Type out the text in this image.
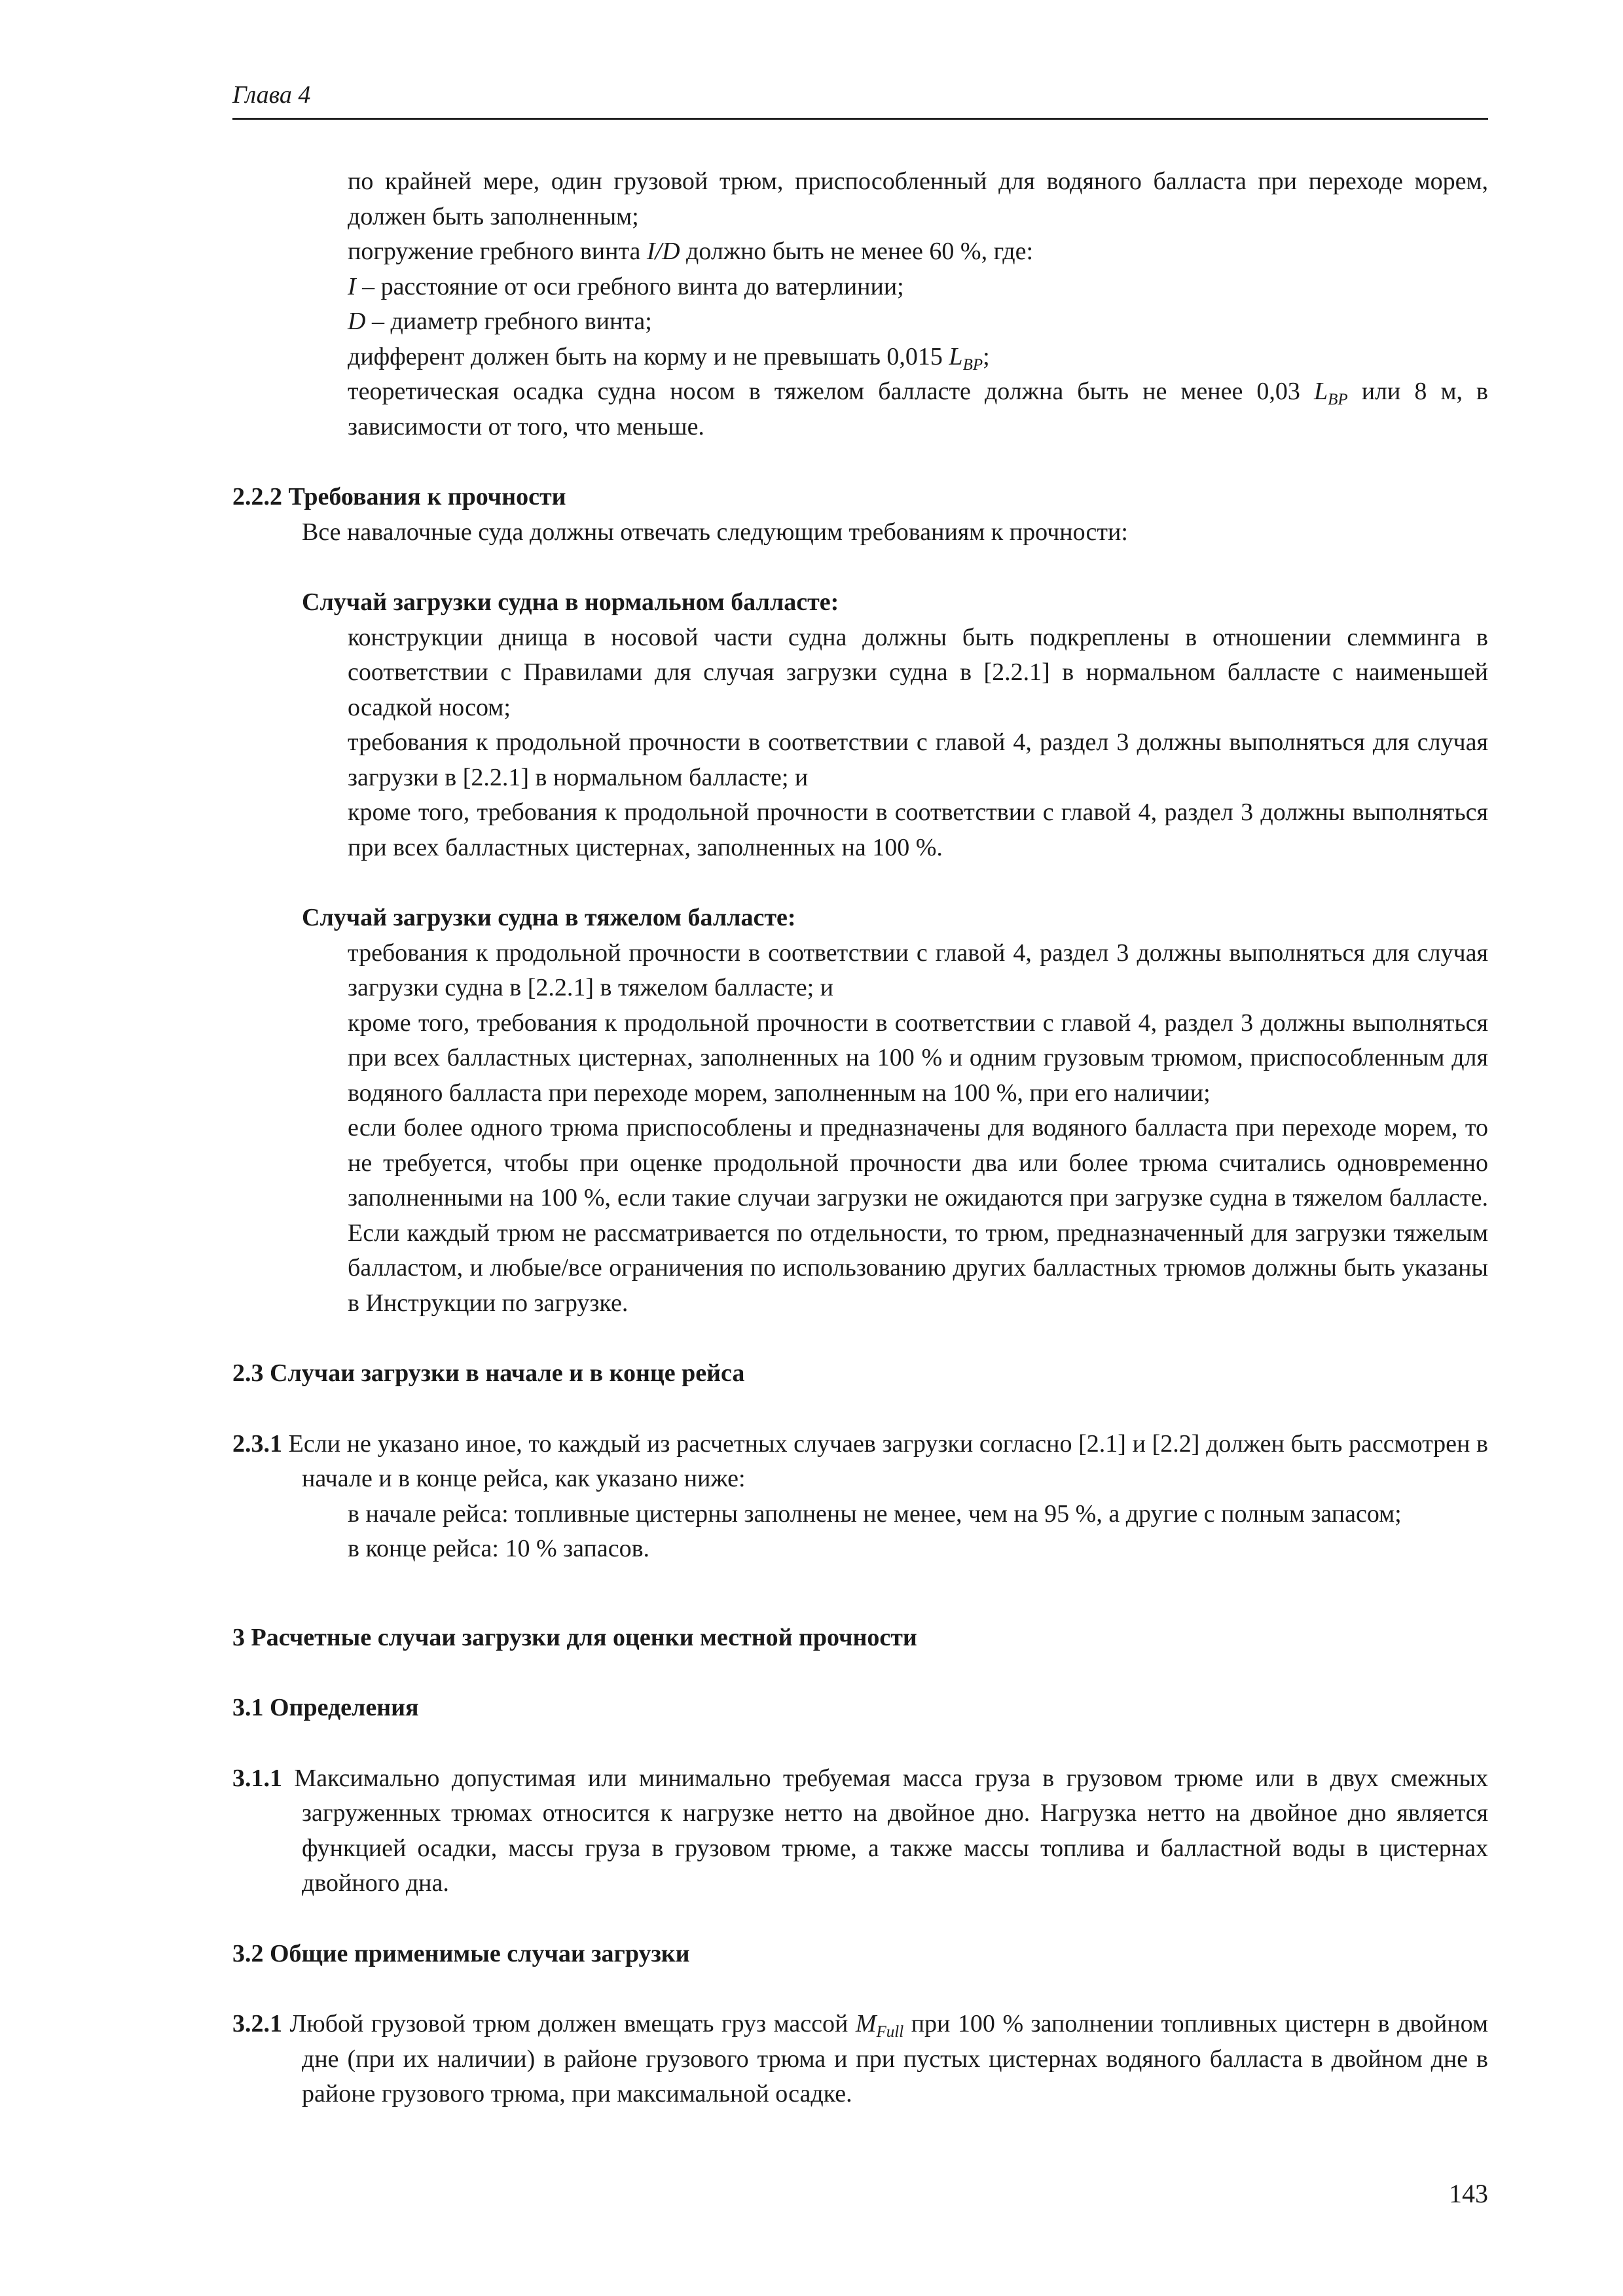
Глава 4

по крайней мере, один грузовой трюм, приспособленный для водяного балласта при переходе морем, должен быть заполненным;

погружение гребного винта I/D должно быть не менее 60 %, где:

I – расстояние от оси гребного винта до ватерлинии;

D – диаметр гребного винта;

дифферент должен быть на корму и не превышать 0,015 $L_{BP}$;

теоретическая осадка судна носом в тяжелом балласте должна быть не менее 0,03 $L_{BP}$ или 8 м, в зависимости от того, что меньше.

2.2.2 Требования к прочности

Все навалочные суда должны отвечать следующим требованиям к прочности:

Случай загрузки судна в нормальном балласте:

конструкции днища в носовой части судна должны быть подкреплены в отношении слемминга в соответствии с Правилами для случая загрузки судна в [2.2.1] в нормальном балласте с наименьшей осадкой носом;

требования к продольной прочности в соответствии с главой 4, раздел 3 должны выполняться для случая загрузки в [2.2.1] в нормальном балласте; и

кроме того, требования к продольной прочности в соответствии с главой 4, раздел 3 должны выполняться при всех балластных цистернах, заполненных на 100 %.

Случай загрузки судна в тяжелом балласте:

требования к продольной прочности в соответствии с главой 4, раздел 3 должны выполняться для случая загрузки судна в [2.2.1] в тяжелом балласте; и

кроме того, требования к продольной прочности в соответствии с главой 4, раздел 3 должны выполняться при всех балластных цистернах, заполненных на 100 % и одним грузовым трюмом, приспособленным для водяного балласта при переходе морем, заполненным на 100 %, при его наличии;

если более одного трюма приспособлены и предназначены для водяного балласта при переходе морем, то не требуется, чтобы при оценке продольной прочности два или более трюма считались одновременно заполненными на 100 %, если такие случаи загрузки не ожидаются при загрузке судна в тяжелом балласте. Если каждый трюм не рассматривается по отдельности, то трюм, предназначенный для загрузки тяжелым балластом, и любые/все ограничения по использованию других балластных трюмов должны быть указаны в Инструкции по загрузке.

2.3 Случаи загрузки в начале и в конце рейса

2.3.1 Если не указано иное, то каждый из расчетных случаев загрузки согласно [2.1] и [2.2] должен быть рассмотрен в начале и в конце рейса, как указано ниже:

в начале рейса: топливные цистерны заполнены не менее, чем на 95 %, а другие с полным запасом;

в конце рейса: 10 % запасов.

3 Расчетные случаи загрузки для оценки местной прочности

3.1 Определения

3.1.1 Максимально допустимая или минимально требуемая масса груза в грузовом трюме или в двух смежных загруженных трюмах относится к нагрузке нетто на двойное дно. Нагрузка нетто на двойное дно является функцией осадки, массы груза в грузовом трюме, а также массы топлива и балластной воды в цистернах двойного дна.

3.2 Общие применимые случаи загрузки

3.2.1 Любой грузовой трюм должен вмещать груз массой $M_{Full}$ при 100 % заполнении топливных цистерн в двойном дне (при их наличии) в районе грузового трюма и при пустых цистернах водяного балласта в двойном дне в районе грузового трюма, при максимальной осадке.

143
